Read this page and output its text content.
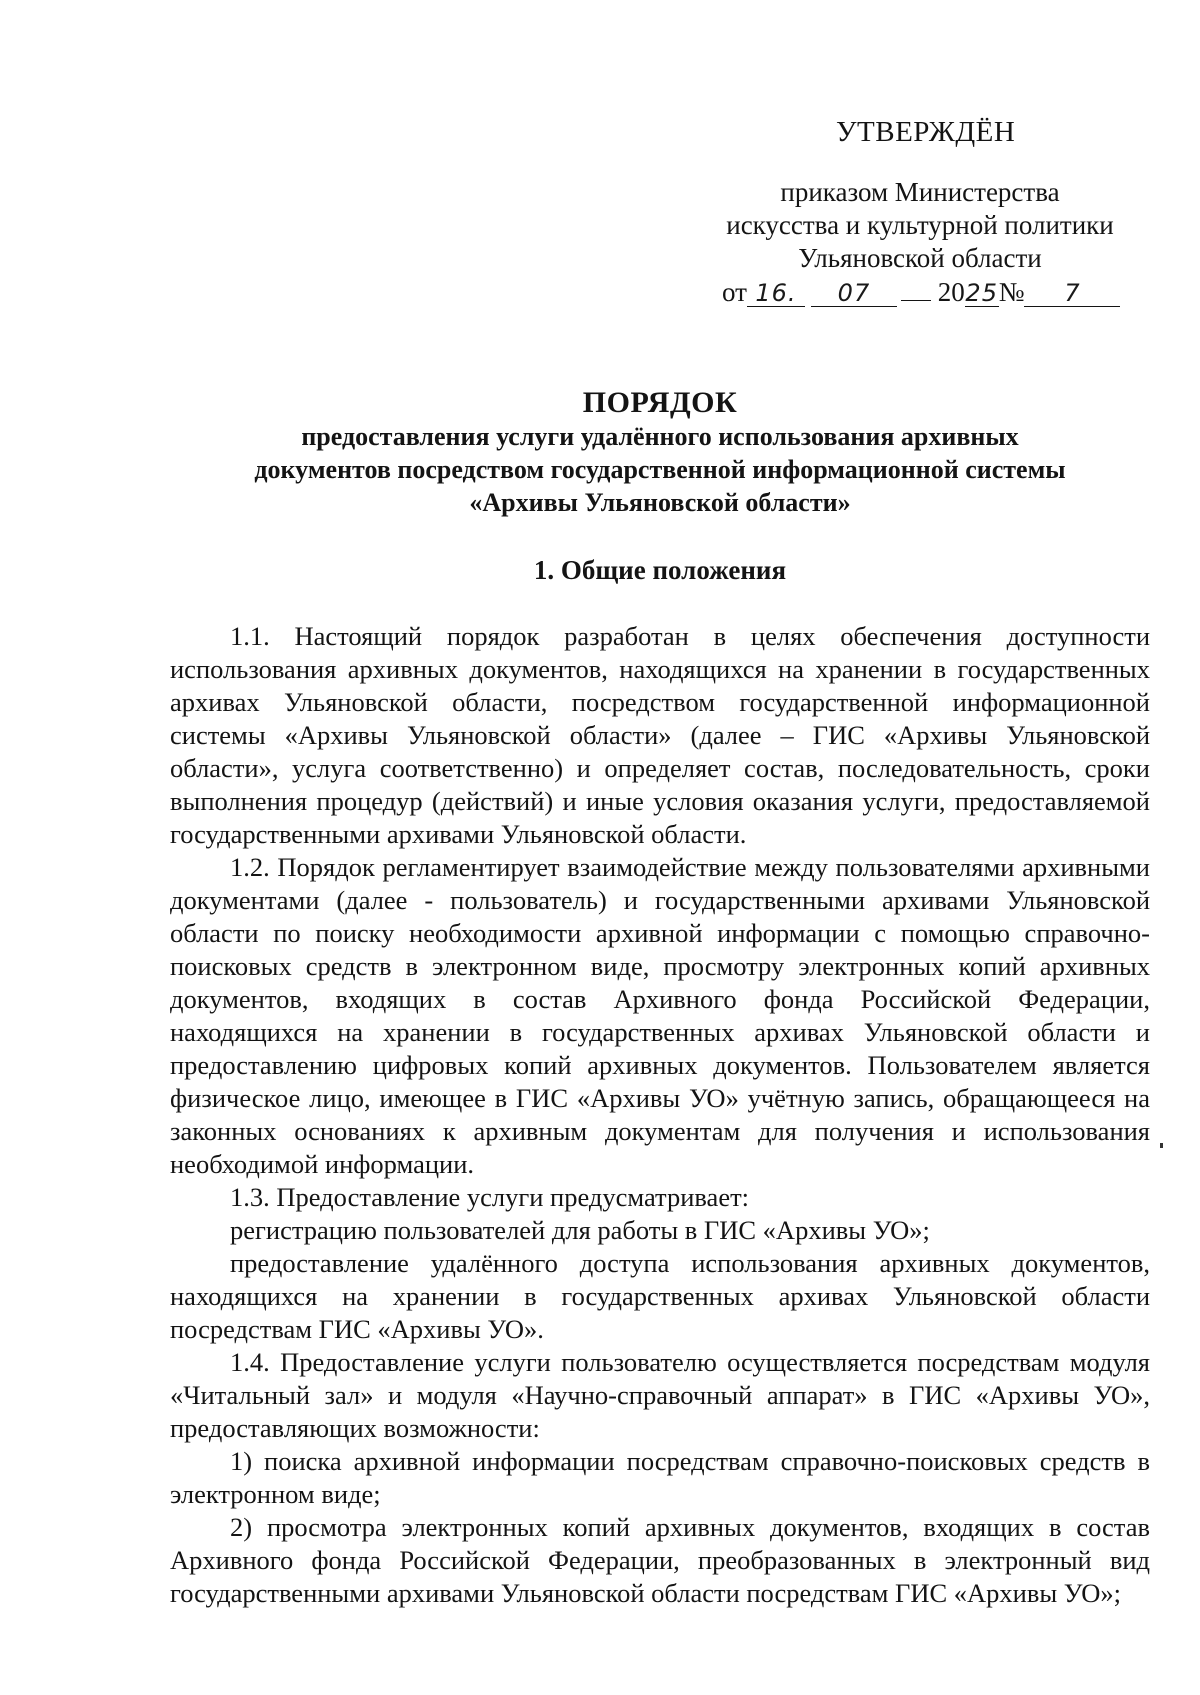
УТВЕРЖДЁН
приказом Министерства
искусства и культурной политики
Ульяновской области
от 16. 07 2025№ 7
ПОРЯДОК
предоставления услуги удалённого использования архивных
документов посредством государственной информационной системы
«Архивы Ульяновской области»
1. Общие положения

1.1. Настоящий порядок разработан в целях обеспечения доступности использования архивных документов, находящихся на хранении в государственных архивах Ульяновской области, посредством государственной информационной системы «Архивы Ульяновской области» (далее – ГИС «Архивы Ульяновской области», услуга соответственно) и определяет состав, последовательность, сроки выполнения процедур (действий) и иные условия оказания услуги, предоставляемой государственными архивами Ульяновской области.

1.2. Порядок регламентирует взаимодействие между пользователями архивными документами (далее - пользователь) и государственными архивами Ульяновской области по поиску необходимости архивной информации с помощью справочно-поисковых средств в электронном виде, просмотру электронных копий архивных документов, входящих в состав Архивного фонда Российской Федерации, находящихся на хранении в государственных архивах Ульяновской области и предоставлению цифровых копий архивных документов. Пользователем является физическое лицо, имеющее в ГИС «Архивы УО» учётную запись, обращающееся на законных основаниях к архивным документам для получения и использования необходимой информации.

1.3. Предоставление услуги предусматривает:

регистрацию пользователей для работы в ГИС «Архивы УО»;

предоставление удалённого доступа использования архивных документов, находящихся на хранении в государственных архивах Ульяновской области посредствам ГИС «Архивы УО».

1.4. Предоставление услуги пользователю осуществляется посредствам модуля «Читальный зал» и модуля «Научно-справочный аппарат» в ГИС «Архивы УО», предоставляющих возможности:

1) поиска архивной информации посредствам справочно-поисковых средств в электронном виде;

2) просмотра электронных копий архивных документов, входящих в состав Архивного фонда Российской Федерации, преобразованных в электронный вид государственными архивами Ульяновской области посредствам ГИС «Архивы УО»;
